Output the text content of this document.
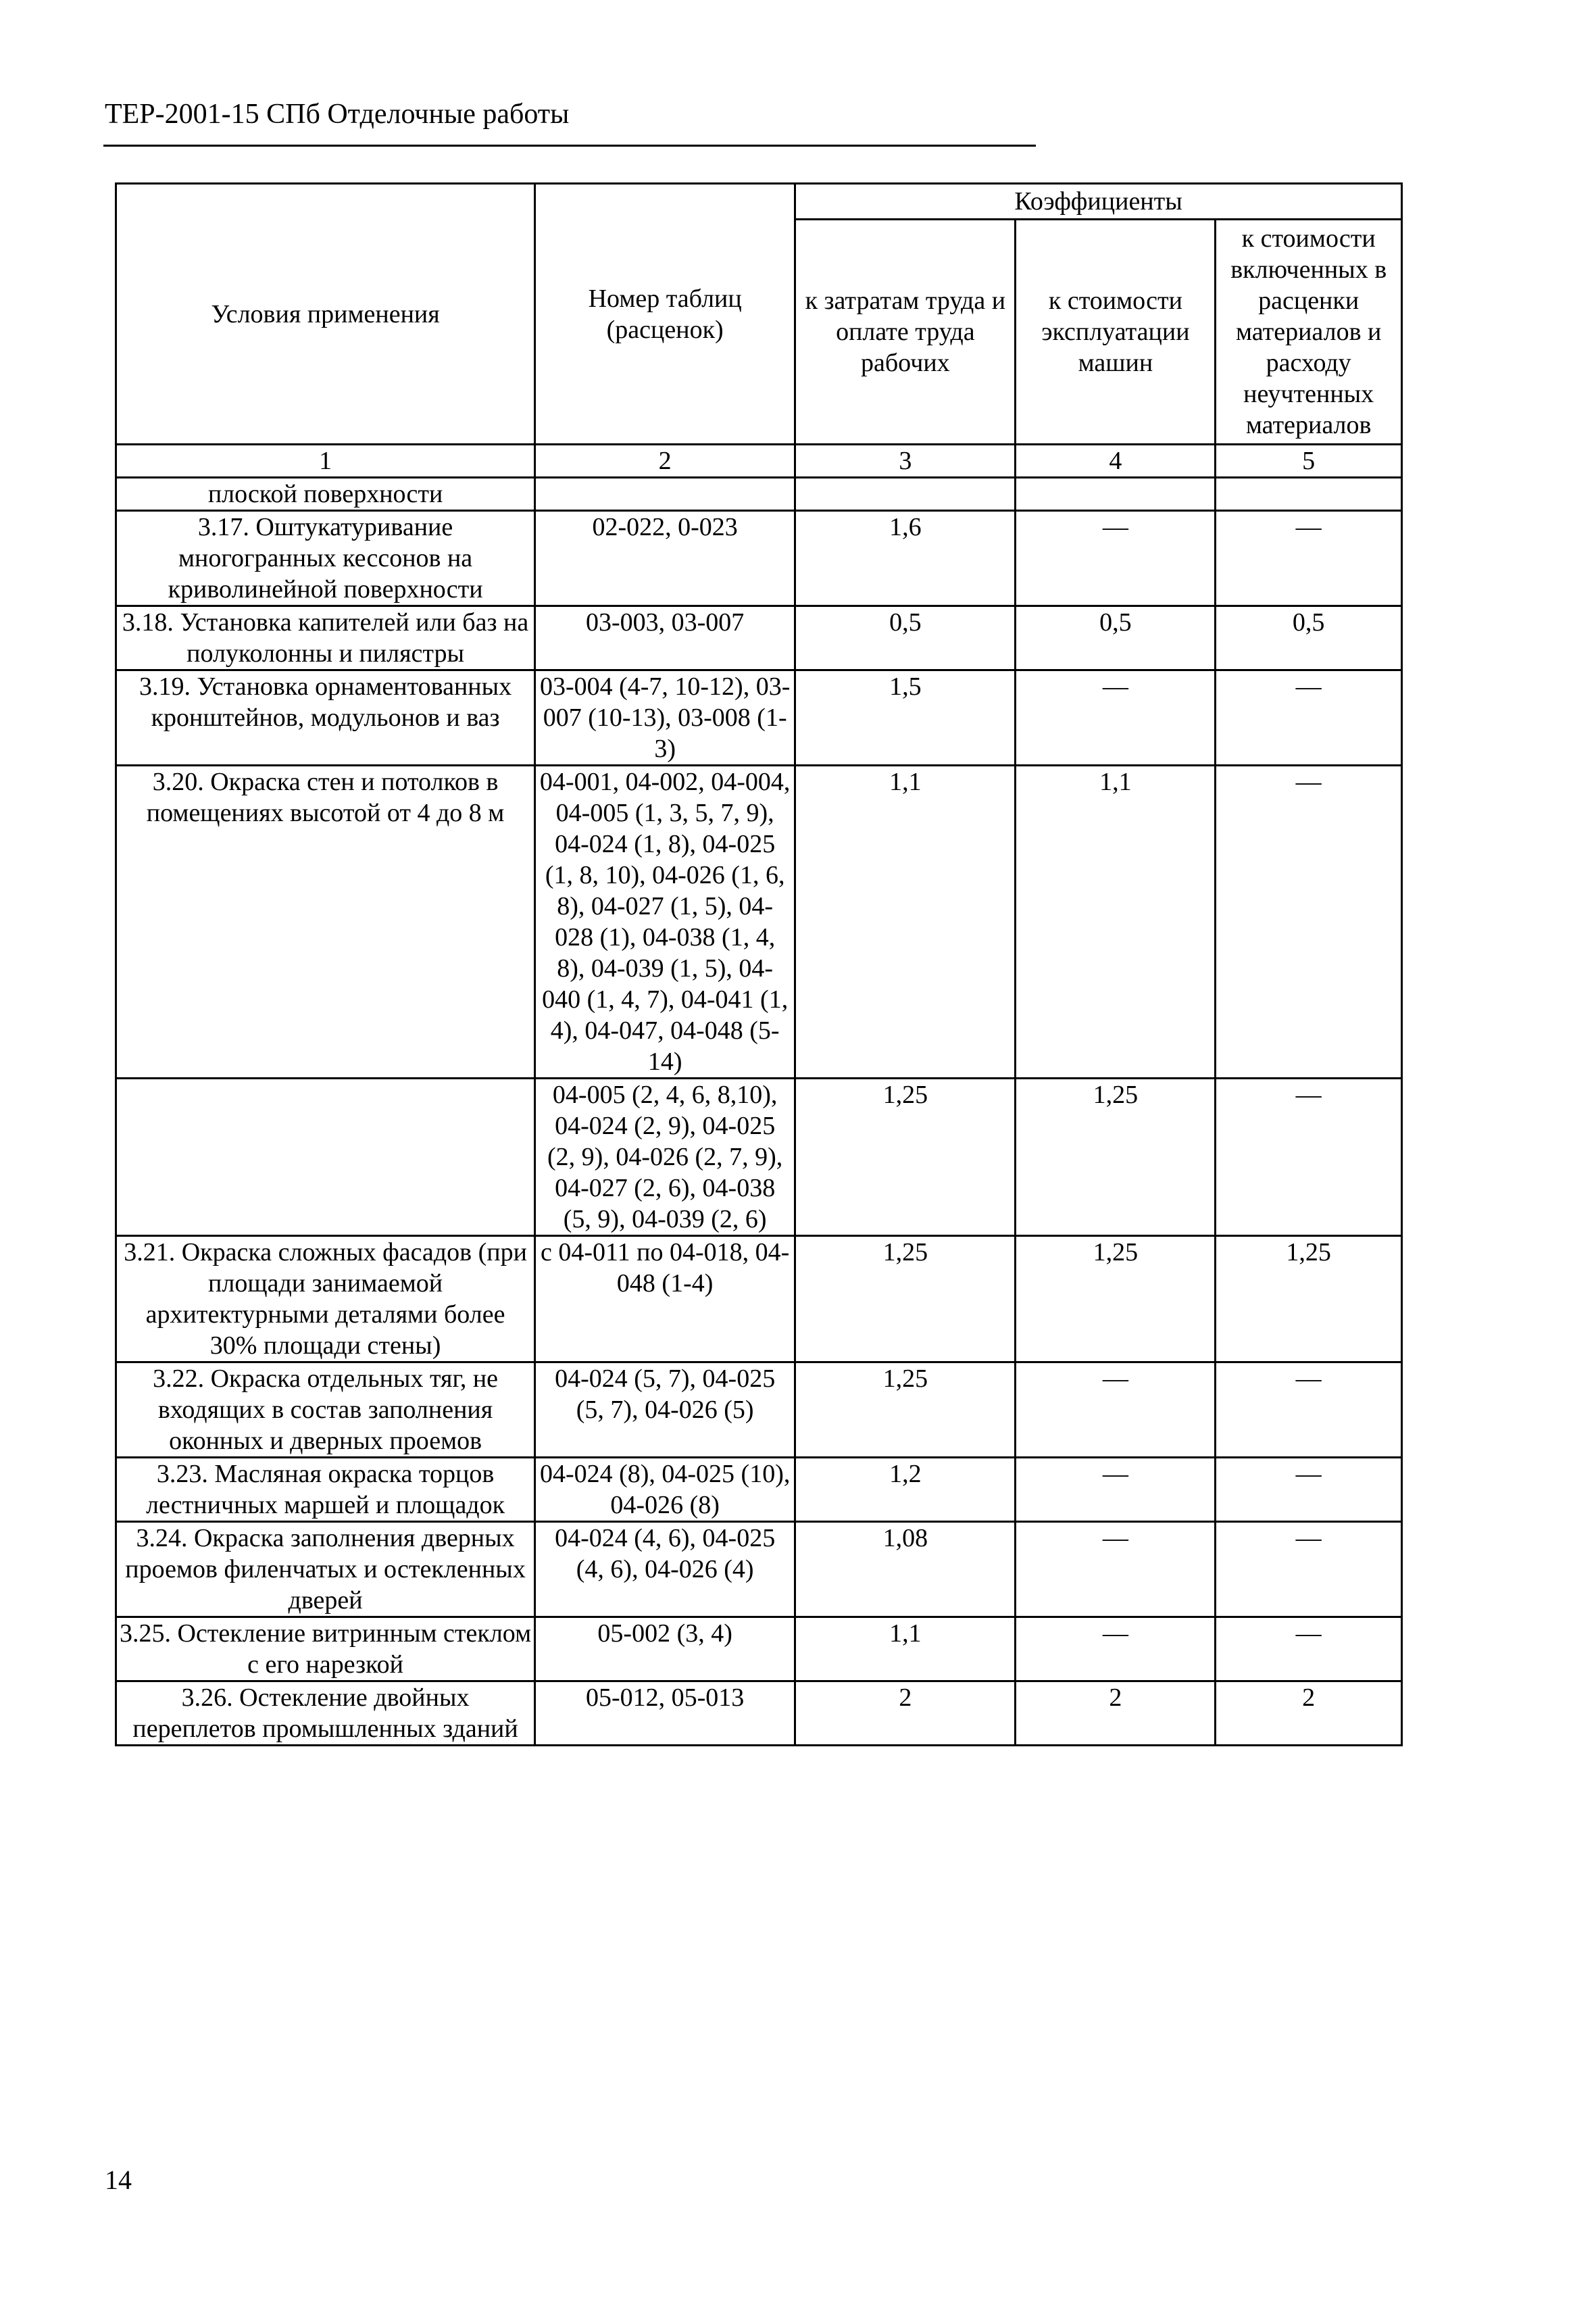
ТЕР-2001-15 СПб Отделочные работы
Условия применения	Номер таблиц (расценок)	Коэффициенты		
		к затратам труда и оплате труда рабочих	к стоимости эксплуатации машин	к стоимости включенных в расценки материалов и расходу неучтенных материалов
1	2	3	4	5
плоской поверхности				
3.17. Оштукатуривание многогранных кессонов на криволинейной поверхности	02-022, 0-023	1,6	—	—
3.18. Установка капителей или баз на полуколонны и пилястры	03-003, 03-007	0,5	0,5	0,5
3.19. Установка орнаментованных кронштейнов, модульонов и ваз	03-004 (4-7, 10-12), 03-007 (10-13), 03-008 (1-3)	1,5	—	—
3.20. Окраска стен и потолков в помещениях высотой от 4 до 8 м	04-001, 04-002, 04-004, 04-005 (1, 3, 5, 7, 9), 04-024 (1, 8), 04-025 (1, 8, 10), 04-026 (1, 6, 8), 04-027 (1, 5), 04-028 (1), 04-038 (1, 4, 8), 04-039 (1, 5), 04-040 (1, 4, 7), 04-041 (1, 4), 04-047, 04-048 (5-14)	1,1	1,1	—
	04-005 (2, 4, 6, 8,10), 04-024 (2, 9), 04-025 (2, 9), 04-026 (2, 7, 9), 04-027 (2, 6), 04-038 (5, 9), 04-039 (2, 6)	1,25	1,25	—
3.21. Окраска сложных фасадов (при площади занимаемой архитектурными деталями более 30% площади стены)	с 04-011 по 04-018, 04-048 (1-4)	1,25	1,25	1,25
3.22. Окраска отдельных тяг, не входящих в состав заполнения оконных и дверных проемов	04-024 (5, 7), 04-025 (5, 7), 04-026 (5)	1,25	—	—
3.23. Масляная окраска торцов лестничных маршей и площадок	04-024 (8), 04-025 (10), 04-026 (8)	1,2	—	—
3.24. Окраска заполнения дверных проемов филенчатых и остекленных дверей	04-024 (4, 6), 04-025 (4, 6), 04-026 (4)	1,08	—	—
3.25. Остекление витринным стеклом с его нарезкой	05-002 (3, 4)	1,1	—	—
3.26. Остекление двойных переплетов промышленных зданий	05-012, 05-013	2	2	2
14
